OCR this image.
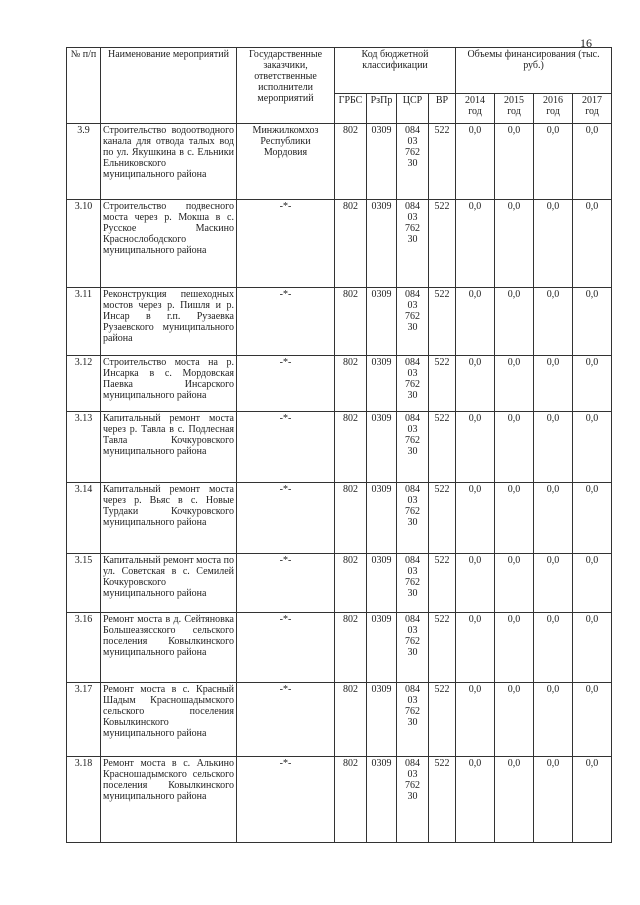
16
№ п/п	Наименование мероприятий	Государственные заказчики, ответственные исполнители мероприятий	Код бюджетной классификации				Объемы финансирования (тыс. руб.)			
			ГРБС	РзПр	ЦСР	ВР	2014 год	2015 год	2016 год	2017 год
3.9	Строительство водоотводного канала для отвода талых вод по ул. Якушкина в с. Ельники Ельниковского муниципального района	Минжилкомхоз Республики Мордовия	802	0309	084
03
762
30	522	0,0	0,0	0,0	0,0
3.10	Строительство подвесного моста через р. Мокша в с. Русское Маскино Краснослободского муниципального района	-*-	802	0309	084
03
762
30	522	0,0	0,0	0,0	0,0
3.11	Реконструкция пешеходных мостов через р. Пишля и р. Инсар в г.п. Рузаевка Рузаевского муниципального района	-*-	802	0309	084
03
762
30	522	0,0	0,0	0,0	0,0
3.12	Строительство моста на р. Инсарка в с. Мордовская Паевка Инсарского муниципального района	-*-	802	0309	084
03
762
30	522	0,0	0,0	0,0	0,0
3.13	Капитальный ремонт моста через р. Тавла в с. Подлесная Тавла Кочкуровского муниципального района	-*-	802	0309	084
03
762
30	522	0,0	0,0	0,0	0,0
3.14	Капитальный ремонт моста через р. Вьяс в с. Новые Турдаки Кочкуровского муниципального района	-*-	802	0309	084
03
762
30	522	0,0	0,0	0,0	0,0
3.15	Капитальный ремонт моста по ул. Советская в с. Семилей Кочкуровского муниципального района	-*-	802	0309	084
03
762
30	522	0,0	0,0	0,0	0,0
3.16	Ремонт моста в д. Сейтяновка Большеазясского сельского поселения Ковылкинского муниципального района	-*-	802	0309	084
03
762
30	522	0,0	0,0	0,0	0,0
3.17	Ремонт моста в с. Красный Шадым Красношадымского сельского поселения Ковылкинского муниципального района	-*-	802	0309	084
03
762
30	522	0,0	0,0	0,0	0,0
3.18	Ремонт моста в с. Алькино Красношадымского сельского поселения Ковылкинского муниципального района	-*-	802	0309	084
03
762
30	522	0,0	0,0	0,0	0,0
